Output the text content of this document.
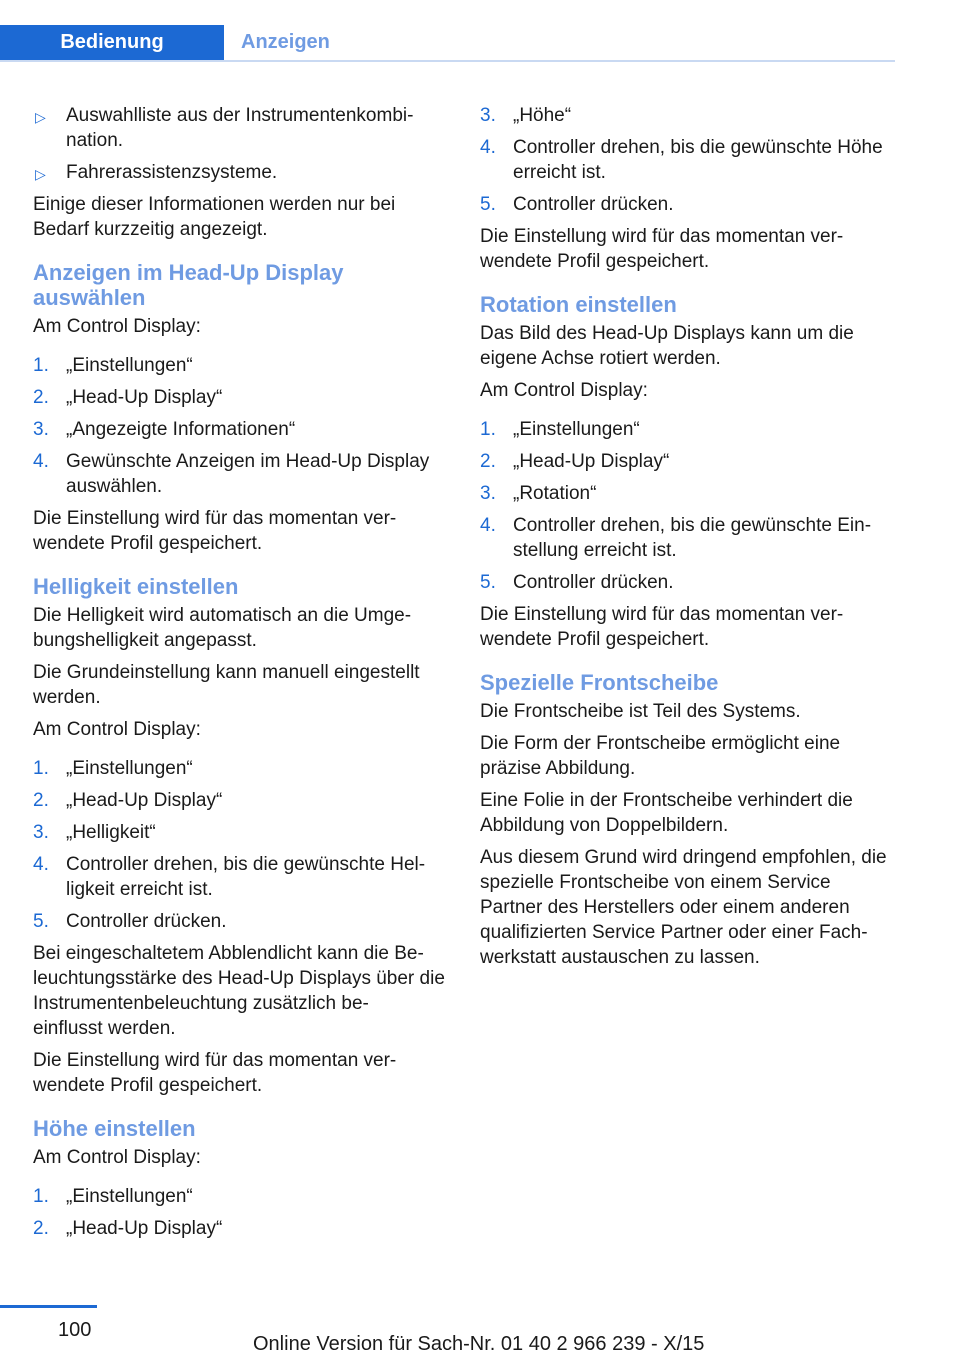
Bedienung	Anzeigen
▷ Auswahlliste aus der Instrumentenkombi-
nation.
▷ Fahrerassistenzsysteme.

Einige dieser Informationen werden nur bei Bedarf kurzzeitig angezeigt.

Anzeigen im Head-Up Display auswählen

Am Control Display:

1. „Einstellungen“
2. „Head-Up Display“
3. „Angezeigte Informationen“
4. Gewünschte Anzeigen im Head-Up Display auswählen.

Die Einstellung wird für das momentan ver-
wendete Profil gespeichert.

Helligkeit einstellen

Die Helligkeit wird automatisch an die Umge-
bungshelligkeit angepasst.

Die Grundeinstellung kann manuell eingestellt werden.

Am Control Display:

1. „Einstellungen“
2. „Head-Up Display“
3. „Helligkeit“
4. Controller drehen, bis die gewünschte Hel-
ligkeit erreicht ist.
5. Controller drücken.

Bei eingeschaltetem Abblendlicht kann die Be-
leuchtungsstärke des Head-Up Displays über die Instrumentenbeleuchtung zusätzlich be-
einflusst werden.

Die Einstellung wird für das momentan ver-
wendete Profil gespeichert.

Höhe einstellen

Am Control Display:

1. „Einstellungen“
2. „Head-Up Display“
3. „Höhe“
4. Controller drehen, bis die gewünschte Höhe erreicht ist.
5. Controller drücken.

Die Einstellung wird für das momentan ver-
wendete Profil gespeichert.

Rotation einstellen

Das Bild des Head-Up Displays kann um die eigene Achse rotiert werden.

Am Control Display:

1. „Einstellungen“
2. „Head-Up Display“
3. „Rotation“
4. Controller drehen, bis die gewünschte Ein-
stellung erreicht ist.
5. Controller drücken.

Die Einstellung wird für das momentan ver-
wendete Profil gespeichert.

Spezielle Frontscheibe

Die Frontscheibe ist Teil des Systems.

Die Form der Frontscheibe ermöglicht eine präzise Abbildung.

Eine Folie in der Frontscheibe verhindert die Abbildung von Doppelbildern.

Aus diesem Grund wird dringend empfohlen, die spezielle Frontscheibe von einem Service Partner des Herstellers oder einem anderen qualifizierten Service Partner oder einer Fach-
werkstatt austauschen zu lassen.

100
Online Version für Sach-Nr. 01 40 2 966 239 - X/15
